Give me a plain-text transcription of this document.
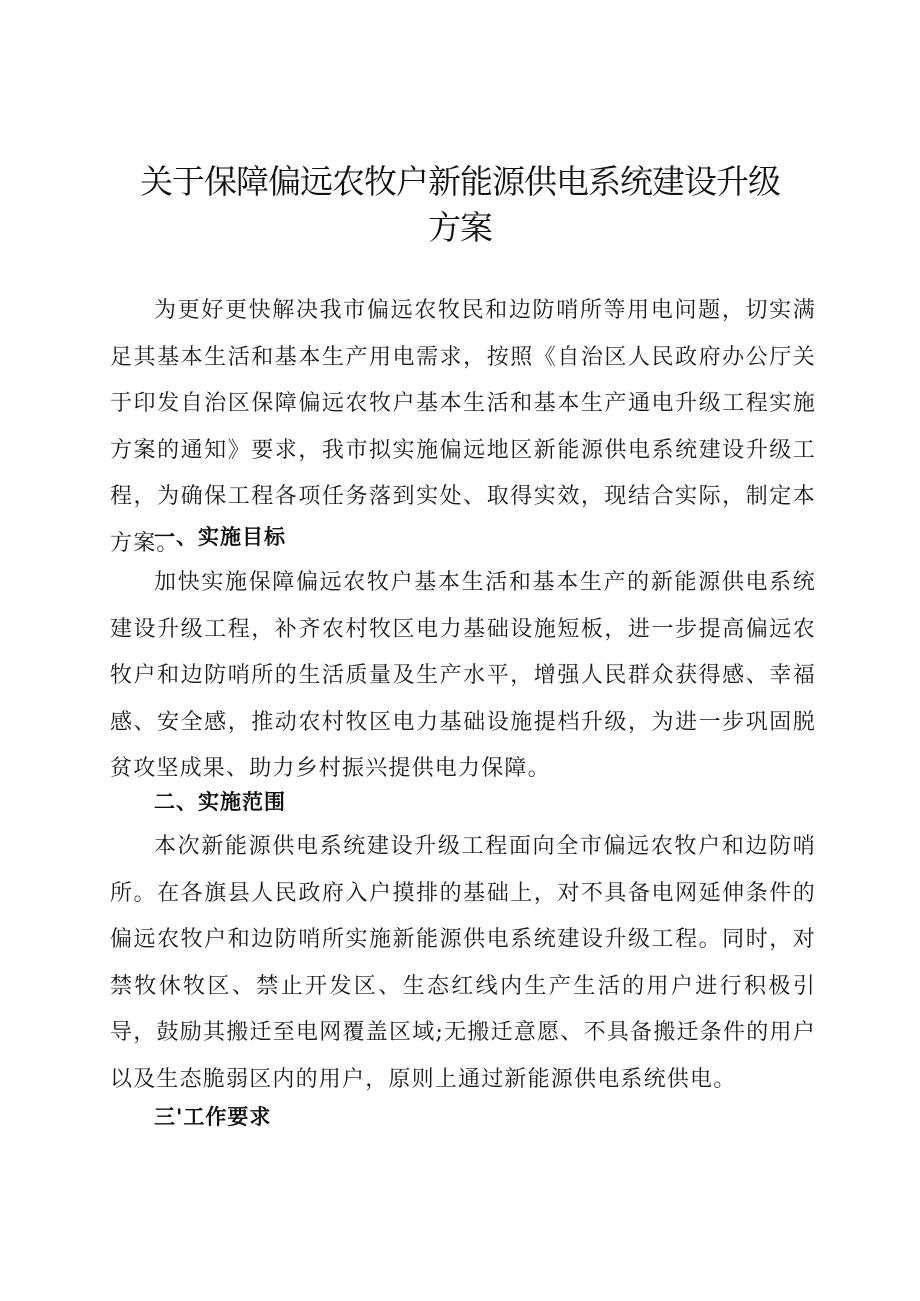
关于保障偏远农牧户新能源供电系统建设升级
方案

为更好更快解决我市偏远农牧民和边防哨所等用电问题，切实满足其基本生活和基本生产用电需求，按照《自治区人民政府办公厅关于印发自治区保障偏远农牧户基本生活和基本生产通电升级工程实施方案的通知》要求，我市拟实施偏远地区新能源供电系统建设升级工程，为确保工程各项任务落到实处、取得实效，现结合实际，制定本方案。

一、实施目标

加快实施保障偏远农牧户基本生活和基本生产的新能源供电系统建设升级工程，补齐农村牧区电力基础设施短板，进一步提高偏远农牧户和边防哨所的生活质量及生产水平，增强人民群众获得感、幸福感、安全感，推动农村牧区电力基础设施提档升级，为进一步巩固脱贫攻坚成果、助力乡村振兴提供电力保障。

二、实施范围

本次新能源供电系统建设升级工程面向全市偏远农牧户和边防哨所。在各旗县人民政府入户摸排的基础上，对不具备电网延伸条件的偏远农牧户和边防哨所实施新能源供电系统建设升级工程。同时，对禁牧休牧区、禁止开发区、生态红线内生产生活的用户进行积极引导，鼓励其搬迁至电网覆盖区域;无搬迁意愿、不具备搬迁条件的用户以及生态脆弱区内的用户，原则上通过新能源供电系统供电。

三'工作要求
